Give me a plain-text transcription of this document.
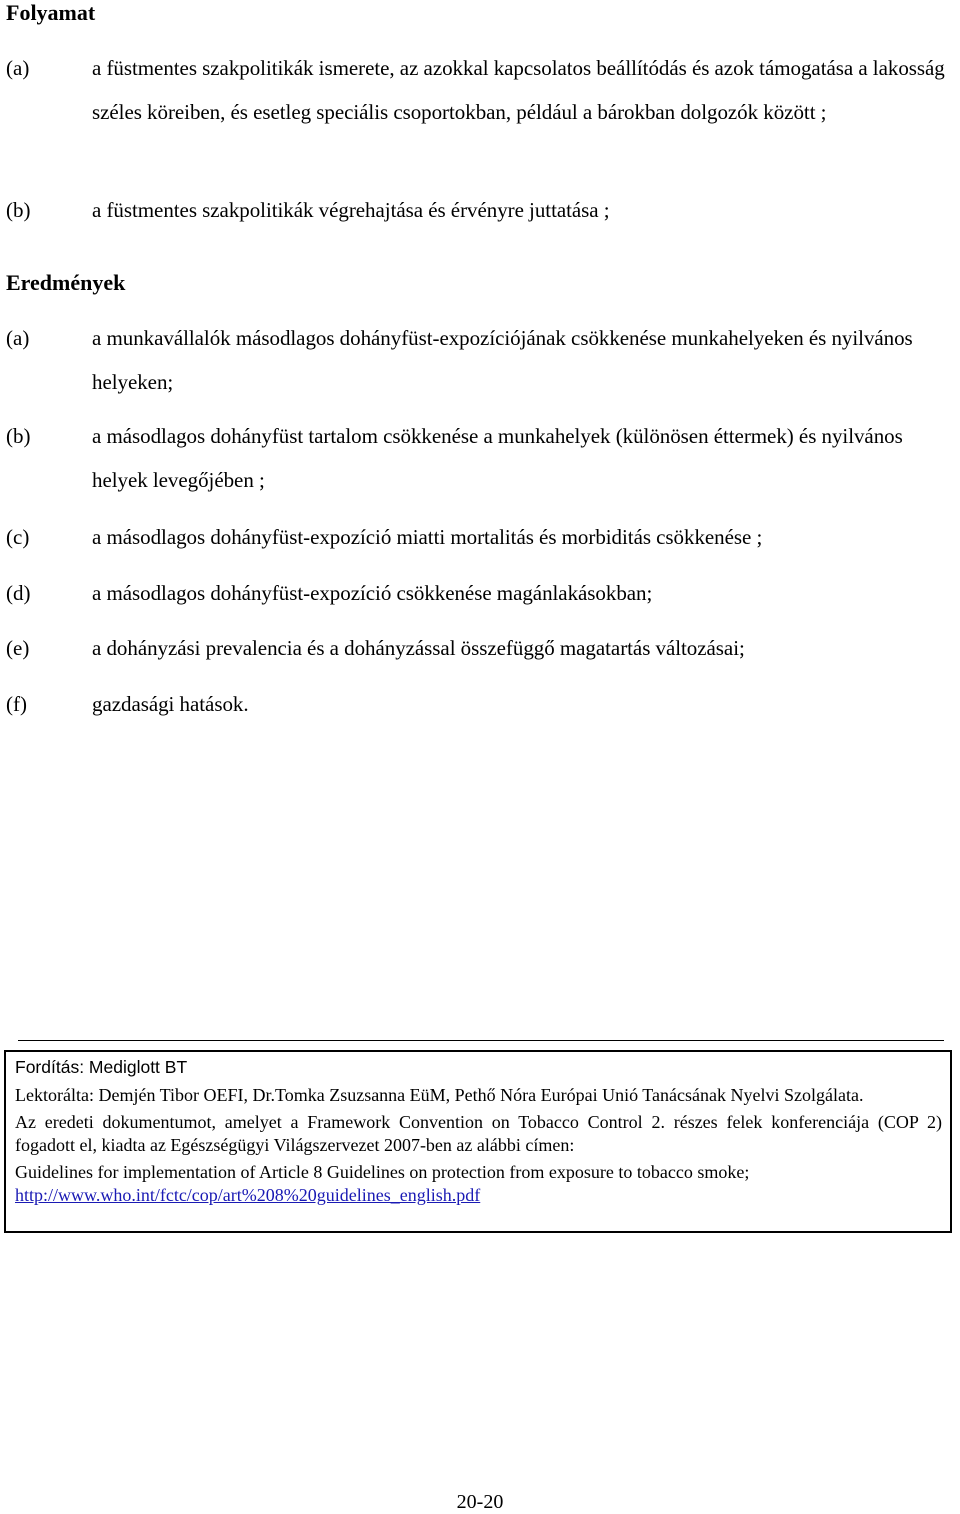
Folyamat
(a)	a füstmentes szakpolitikák ismerete, az azokkal kapcsolatos beállítódás és azok támogatása a lakosság széles köreiben, és esetleg speciális csoportokban, például a bárokban dolgozók között ;

(b)	a füstmentes szakpolitikák végrehajtása és érvényre juttatása ;

Eredmények
(a)	a munkavállalók másodlagos dohányfüst-expozíciójának csökkenése munkahelyeken és nyilvános helyeken;

(b)	a másodlagos dohányfüst tartalom csökkenése a munkahelyek (különösen éttermek) és nyilvános helyek levegőjében ;

(c)	a másodlagos dohányfüst-expozíció miatti mortalitás és morbiditás csökkenése ;

(d)	a másodlagos dohányfüst-expozíció csökkenése magánlakásokban;

(e)	a dohányzási prevalencia és a dohányzással összefüggő magatartás változásai;

(f)	gazdasági hatások.

Fordítás: Mediglott BT

Lektorálta: Demjén Tibor OEFI, Dr.Tomka Zsuzsanna EüM, Pethő Nóra Európai Unió Tanácsának Nyelvi Szolgálata.

Az eredeti dokumentumot, amelyet a Framework Convention on Tobacco Control 2. részes felek konferenciája (COP 2) fogadott el, kiadta az Egészségügyi Világszervezet 2007-ben az alábbi címen:

Guidelines for implementation of Article 8 Guidelines on protection from exposure to tobacco smoke;

http://www.who.int/fctc/cop/art%208%20guidelines_english.pdf

20-20
